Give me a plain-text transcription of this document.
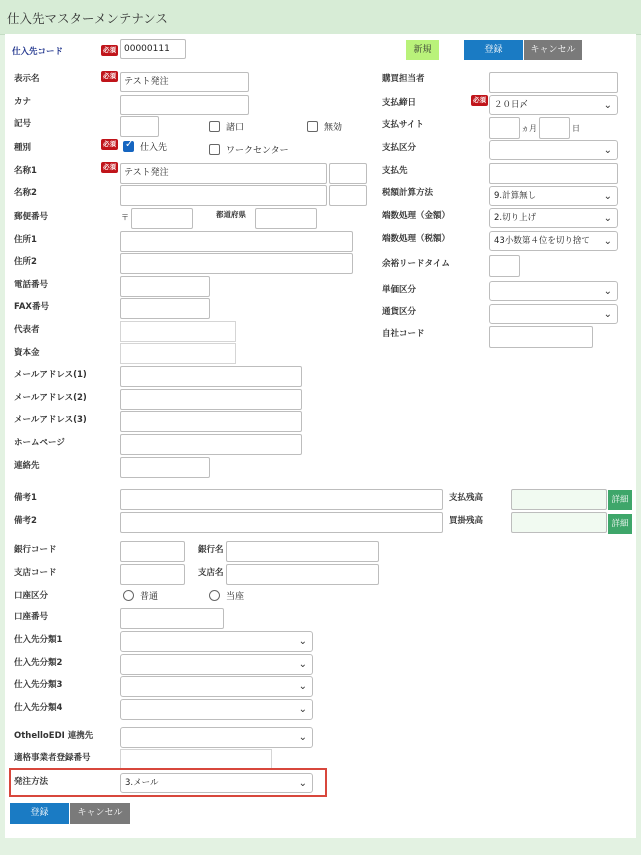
仕入先マスターメンテナンス
仕入先コード	必須 00000111	新規	登録	キャンセル
表示名	必須
テスト発注
カナ
記号	諸口	無効
種別	必須
✓	仕入先	ワークセンター
名称1	必須
テスト発注
名称2
郵便番号	〒	都道府県
住所1
住所2
電話番号
FAX番号
代表者
資本金
メールアドレス(1)
メールアドレス(2)
メールアドレス(3)
ホームページ
連絡先
購買担当者
支払締日	必須 ２０日〆	⌄
支払サイト	ヵ月	日
支払区分	⌄
支払先
税額計算方法	9.計算無し	⌄
端数処理（金額）	2.切り上げ	⌄
端数処理（税額）	43小数第４位を切り捨て ⌄
余裕リードタイム
単価区分	⌄
通貨区分	⌄
自社コード
備考1	支払残高	詳細
備考2	買掛残高	詳細
銀行コード	銀行名
支店コード	支店名
口座区分	普通	当座
口座番号
仕入先分類1	⌄
仕入先分類2	⌄
仕入先分類3	⌄
仕入先分類4	⌄
OthelloEDI 連携先	⌄
適格事業者登録番号
発注方法	3.メール	⌄
登録	キャンセル
